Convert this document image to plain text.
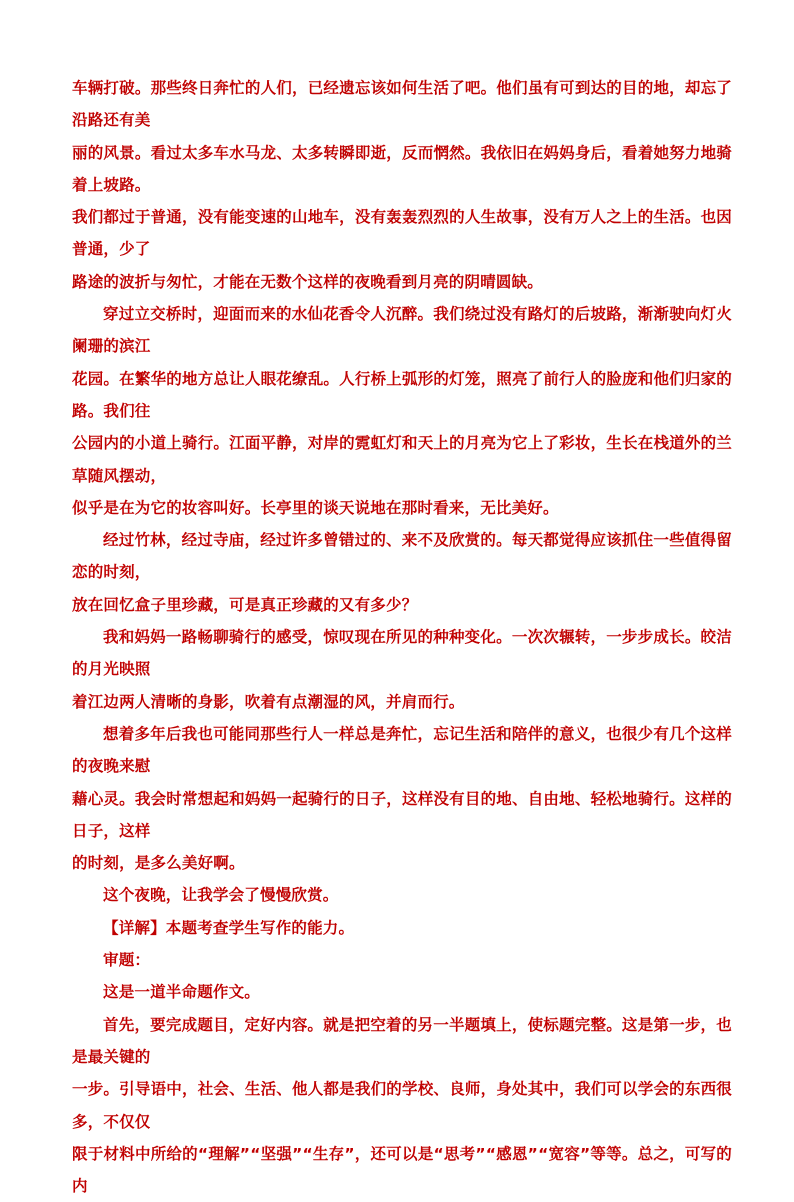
车辆打破。那些终日奔忙的人们，已经遗忘该如何生活了吧。他们虽有可到达的目的地，却忘了沿路还有美
丽的风景。看过太多车水马龙、太多转瞬即逝，反而惘然。我依旧在妈妈身后，看着她努力地骑着上坡路。
我们都过于普通，没有能变速的山地车，没有轰轰烈烈的人生故事，没有万人之上的生活。也因普通，少了
路途的波折与匆忙，才能在无数个这样的夜晚看到月亮的阴晴圆缺。

穿过立交桥时，迎面而来的水仙花香令人沉醉。我们绕过没有路灯的后坡路，渐渐驶向灯火阑珊的滨江
花园。在繁华的地方总让人眼花缭乱。人行桥上弧形的灯笼，照亮了前行人的脸庞和他们归家的路。我们往
公园内的小道上骑行。江面平静，对岸的霓虹灯和天上的月亮为它上了彩妆，生长在栈道外的兰草随风摆动，
似乎是在为它的妆容叫好。长亭里的谈天说地在那时看来，无比美好。

经过竹林，经过寺庙，经过许多曾错过的、来不及欣赏的。每天都觉得应该抓住一些值得留恋的时刻，
放在回忆盒子里珍藏，可是真正珍藏的又有多少？

我和妈妈一路畅聊骑行的感受，惊叹现在所见的种种变化。一次次辗转，一步步成长。皎洁的月光映照
着江边两人清晰的身影，吹着有点潮湿的风，并肩而行。

想着多年后我也可能同那些行人一样总是奔忙，忘记生活和陪伴的意义，也很少有几个这样的夜晚来慰
藉心灵。我会时常想起和妈妈一起骑行的日子，这样没有目的地、自由地、轻松地骑行。这样的日子，这样
的时刻，是多么美好啊。

这个夜晚，让我学会了慢慢欣赏。

【详解】本题考查学生写作的能力。

审题：

这是一道半命题作文。

首先，要完成题目，定好内容。就是把空着的另一半题填上，使标题完整。这是第一步，也是最关键的
一步。引导语中，社会、生活、他人都是我们的学校、良师，身处其中，我们可以学会的东西很多，不仅仅
限于材料中所给的“理解”“坚强”“生存”，还可以是“思考”“感恩”“宽容”等等。总之，可写的内
